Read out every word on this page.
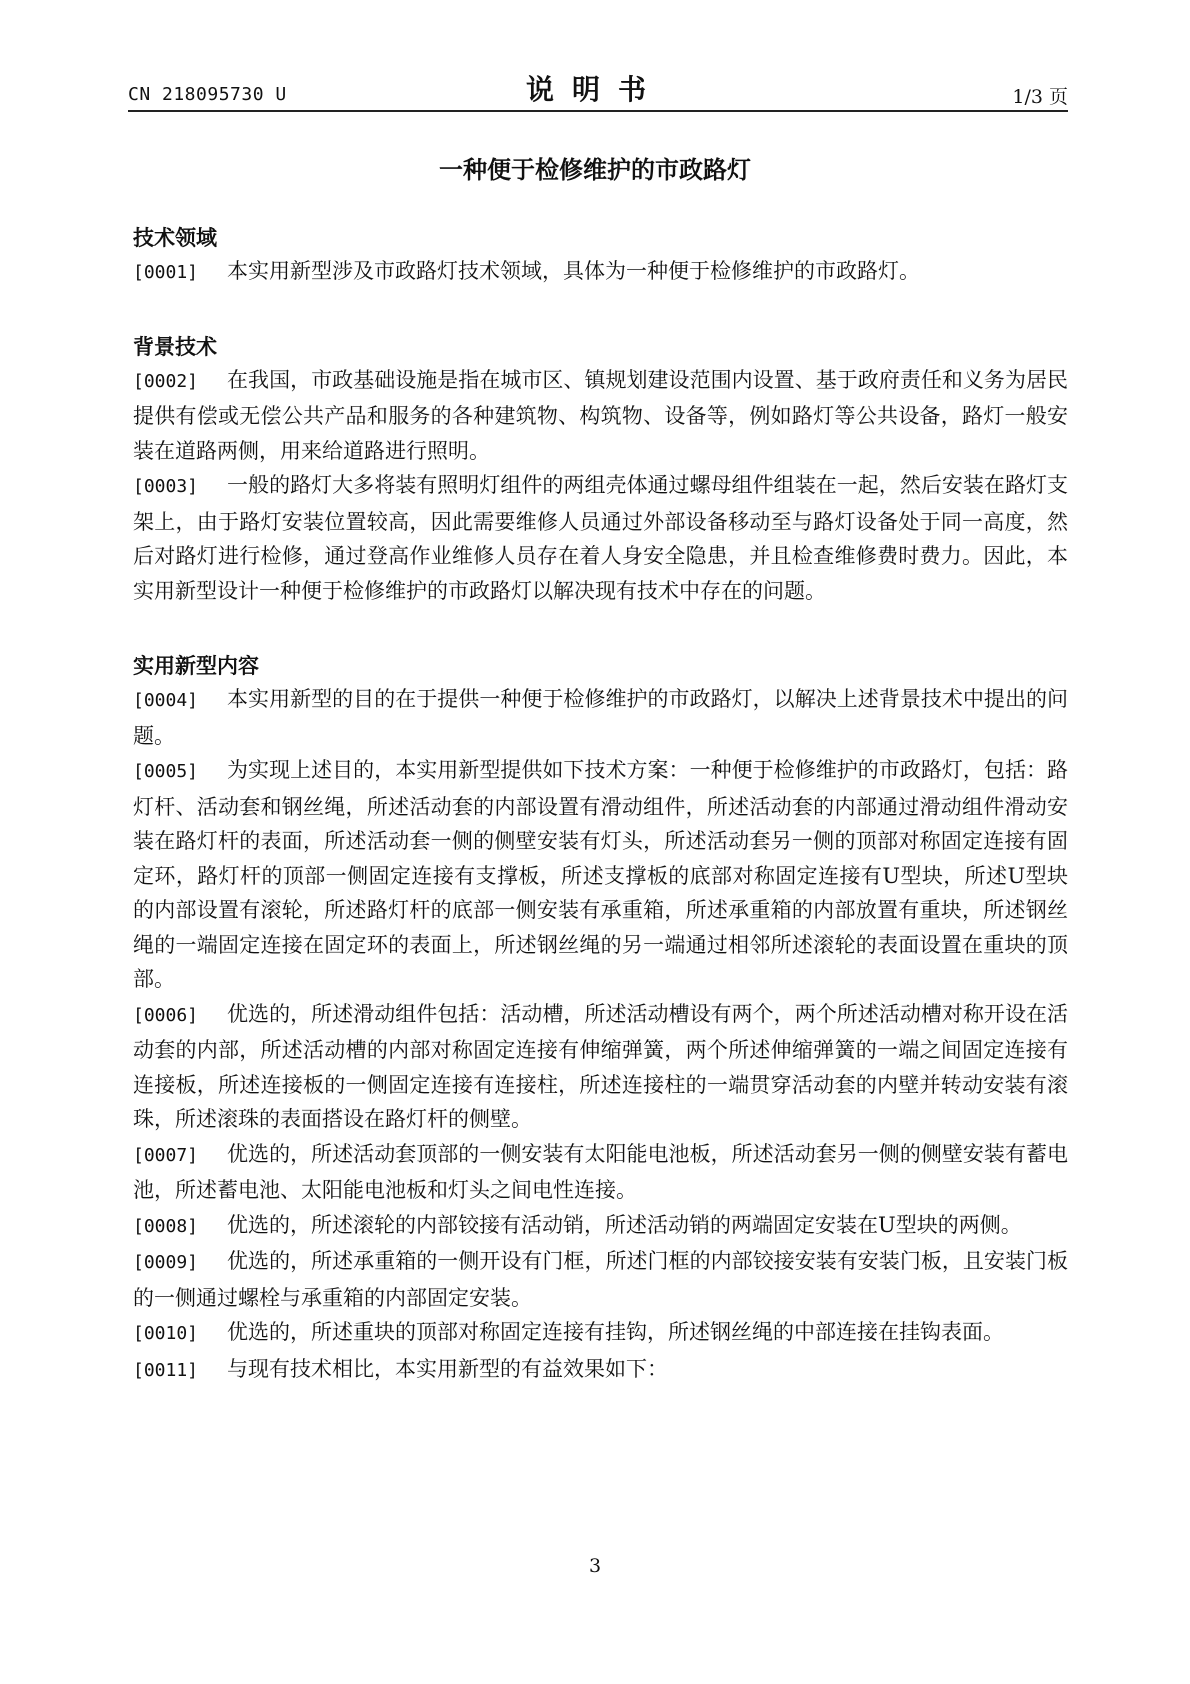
CN 218095730 U	说明书	1/3 页
一种便于检修维护的市政路灯
技术领域

[0001] 本实用新型涉及市政路灯技术领域，具体为一种便于检修维护的市政路灯。

背景技术

[0002] 在我国，市政基础设施是指在城市区、镇规划建设范围内设置、基于政府责任和义务为居民提供有偿或无偿公共产品和服务的各种建筑物、构筑物、设备等，例如路灯等公共设备，路灯一般安装在道路两侧，用来给道路进行照明。

[0003] 一般的路灯大多将装有照明灯组件的两组壳体通过螺母组件组装在一起，然后安装在路灯支架上，由于路灯安装位置较高，因此需要维修人员通过外部设备移动至与路灯设备处于同一高度，然后对路灯进行检修，通过登高作业维修人员存在着人身安全隐患，并且检查维修费时费力。因此，本实用新型设计一种便于检修维护的市政路灯以解决现有技术中存在的问题。

实用新型内容

[0004] 本实用新型的目的在于提供一种便于检修维护的市政路灯，以解决上述背景技术中提出的问题。

[0005] 为实现上述目的，本实用新型提供如下技术方案：一种便于检修维护的市政路灯，包括：路灯杆、活动套和钢丝绳，所述活动套的内部设置有滑动组件，所述活动套的内部通过滑动组件滑动安装在路灯杆的表面，所述活动套一侧的侧壁安装有灯头，所述活动套另一侧的顶部对称固定连接有固定环，路灯杆的顶部一侧固定连接有支撑板，所述支撑板的底部对称固定连接有U型块，所述U型块的内部设置有滚轮，所述路灯杆的底部一侧安装有承重箱，所述承重箱的内部放置有重块，所述钢丝绳的一端固定连接在固定环的表面上，所述钢丝绳的另一端通过相邻所述滚轮的表面设置在重块的顶部。

[0006] 优选的，所述滑动组件包括：活动槽，所述活动槽设有两个，两个所述活动槽对称开设在活动套的内部，所述活动槽的内部对称固定连接有伸缩弹簧，两个所述伸缩弹簧的一端之间固定连接有连接板，所述连接板的一侧固定连接有连接柱，所述连接柱的一端贯穿活动套的内壁并转动安装有滚珠，所述滚珠的表面搭设在路灯杆的侧壁。

[0007] 优选的，所述活动套顶部的一侧安装有太阳能电池板，所述活动套另一侧的侧壁安装有蓄电池，所述蓄电池、太阳能电池板和灯头之间电性连接。

[0008] 优选的，所述滚轮的内部铰接有活动销，所述活动销的两端固定安装在U型块的两侧。

[0009] 优选的，所述承重箱的一侧开设有门框，所述门框的内部铰接安装有安装门板，且安装门板的一侧通过螺栓与承重箱的内部固定安装。

[0010] 优选的，所述重块的顶部对称固定连接有挂钩，所述钢丝绳的中部连接在挂钩表面。

[0011] 与现有技术相比，本实用新型的有益效果如下：

3
